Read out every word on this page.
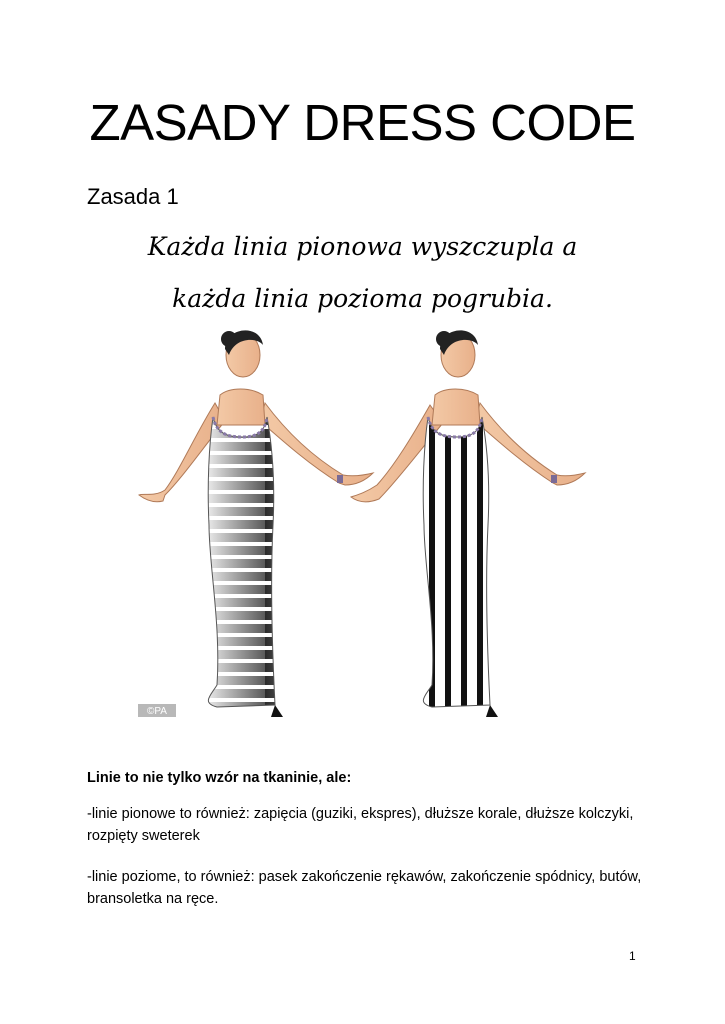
ZASADY DRESS CODE
Zasada 1
Każda linia pionowa wyszczupla a
każda linia pozioma pogrubia.
©PA
Linie to nie tylko wzór na tkaninie, ale:
-linie pionowe to również: zapięcia (guziki, ekspres), dłuższe korale, dłuższe kolczyki, rozpięty sweterek
-linie poziome, to również: pasek zakończenie rękawów, zakończenie spódnicy, butów, bransoletka na ręce.
1
